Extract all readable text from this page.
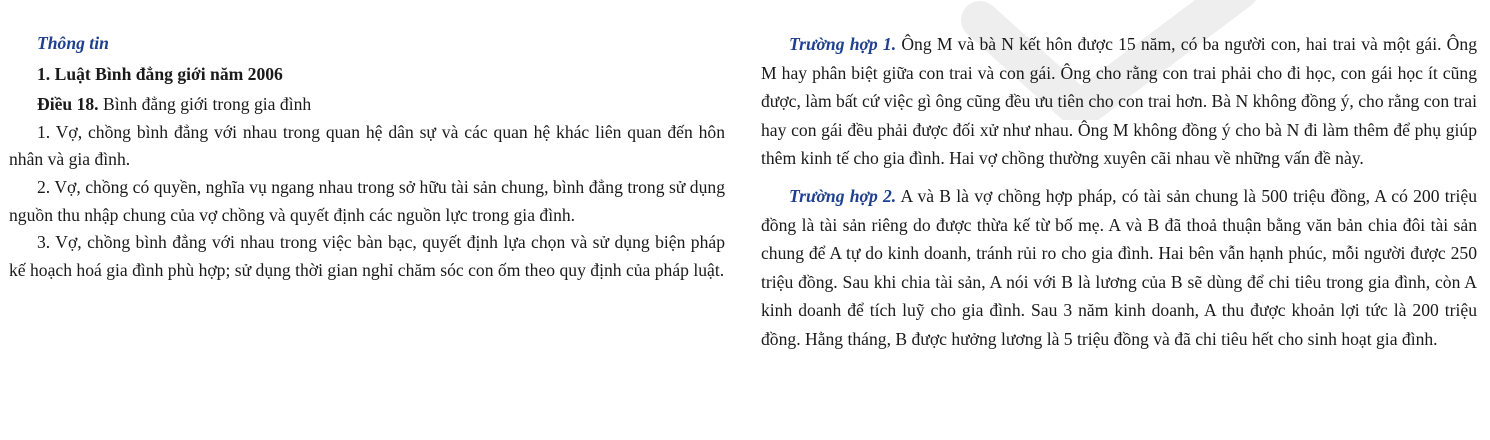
Thông tin

1. Luật Bình đẳng giới năm 2006

Điều 18. Bình đẳng giới trong gia đình

1. Vợ, chồng bình đẳng với nhau trong quan hệ dân sự và các quan hệ khác liên quan đến hôn nhân và gia đình.

2. Vợ, chồng có quyền, nghĩa vụ ngang nhau trong sở hữu tài sản chung, bình đẳng trong sử dụng nguồn thu nhập chung của vợ chồng và quyết định các nguồn lực trong gia đình.

3. Vợ, chồng bình đẳng với nhau trong việc bàn bạc, quyết định lựa chọn và sử dụng biện pháp kế hoạch hoá gia đình phù hợp; sử dụng thời gian nghỉ chăm sóc con ốm theo quy định của pháp luật.

Trường hợp 1. Ông M và bà N kết hôn được 15 năm, có ba người con, hai trai và một gái. Ông M hay phân biệt giữa con trai và con gái. Ông cho rằng con trai phải cho đi học, con gái học ít cũng được, làm bất cứ việc gì ông cũng đều ưu tiên cho con trai hơn. Bà N không đồng ý, cho rằng con trai hay con gái đều phải được đối xử như nhau. Ông M không đồng ý cho bà N đi làm thêm để phụ giúp thêm kinh tế cho gia đình. Hai vợ chồng thường xuyên cãi nhau về những vấn đề này.

Trường hợp 2. A và B là vợ chồng hợp pháp, có tài sản chung là 500 triệu đồng, A có 200 triệu đồng là tài sản riêng do được thừa kế từ bố mẹ. A và B đã thoả thuận bằng văn bản chia đôi tài sản chung để A tự do kinh doanh, tránh rủi ro cho gia đình. Hai bên vẫn hạnh phúc, mỗi người được 250 triệu đồng. Sau khi chia tài sản, A nói với B là lương của B sẽ dùng để chi tiêu trong gia đình, còn A kinh doanh để tích luỹ cho gia đình. Sau 3 năm kinh doanh, A thu được khoản lợi tức là 200 triệu đồng. Hằng tháng, B được hưởng lương là 5 triệu đồng và đã chi tiêu hết cho sinh hoạt gia đình.
